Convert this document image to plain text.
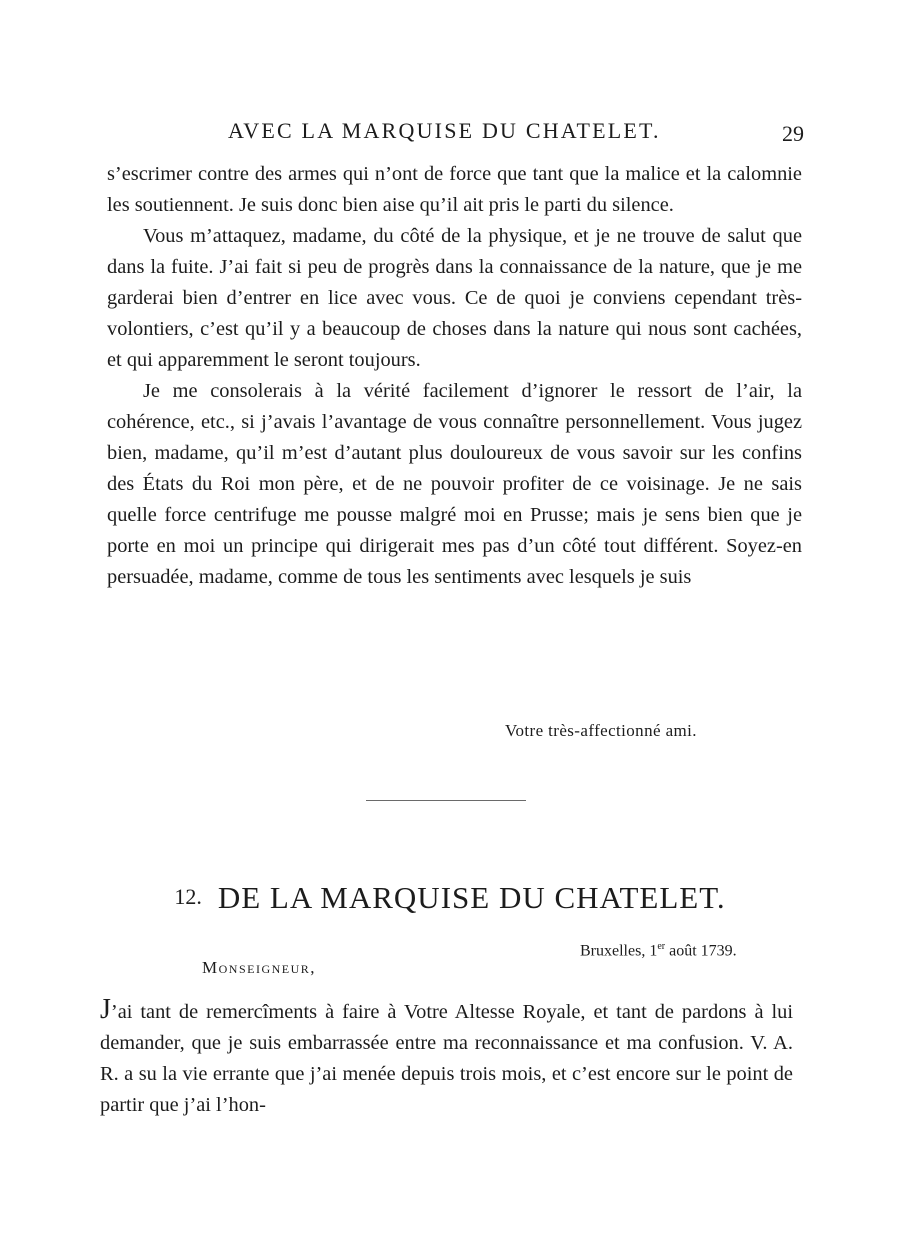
AVEC LA MARQUISE DU CHATELET.	29

s’escrimer contre des armes qui n’ont de force que tant que la malice et la calomnie les soutiennent. Je suis donc bien aise qu’il ait pris le parti du silence.

Vous m’attaquez, madame, du côté de la physique, et je ne trouve de salut que dans la fuite. J’ai fait si peu de progrès dans la connaissance de la nature, que je me garderai bien d’entrer en lice avec vous. Ce de quoi je conviens cependant très-volontiers, c’est qu’il y a beaucoup de choses dans la nature qui nous sont cachées, et qui apparemment le seront toujours.

Je me consolerais à la vérité facilement d’ignorer le ressort de l’air, la cohérence, etc., si j’avais l’avantage de vous connaître personnellement. Vous jugez bien, madame, qu’il m’est d’autant plus douloureux de vous savoir sur les confins des États du Roi mon père, et de ne pouvoir profiter de ce voisinage. Je ne sais quelle force centrifuge me pousse malgré moi en Prusse; mais je sens bien que je porte en moi un principe qui dirigerait mes pas d’un côté tout différent. Soyez-en persuadée, madame, comme de tous les sentiments avec lesquels je suis

Votre très-affectionné ami.
12. DE LA MARQUISE DU CHATELET.
Bruxelles, 1er août 1739.
Monseigneur,

J’ai tant de remercîments à faire à Votre Altesse Royale, et tant de pardons à lui demander, que je suis embarrassée entre ma reconnaissance et ma confusion. V. A. R. a su la vie errante que j’ai menée depuis trois mois, et c’est encore sur le point de partir que j’ai l’hon-
